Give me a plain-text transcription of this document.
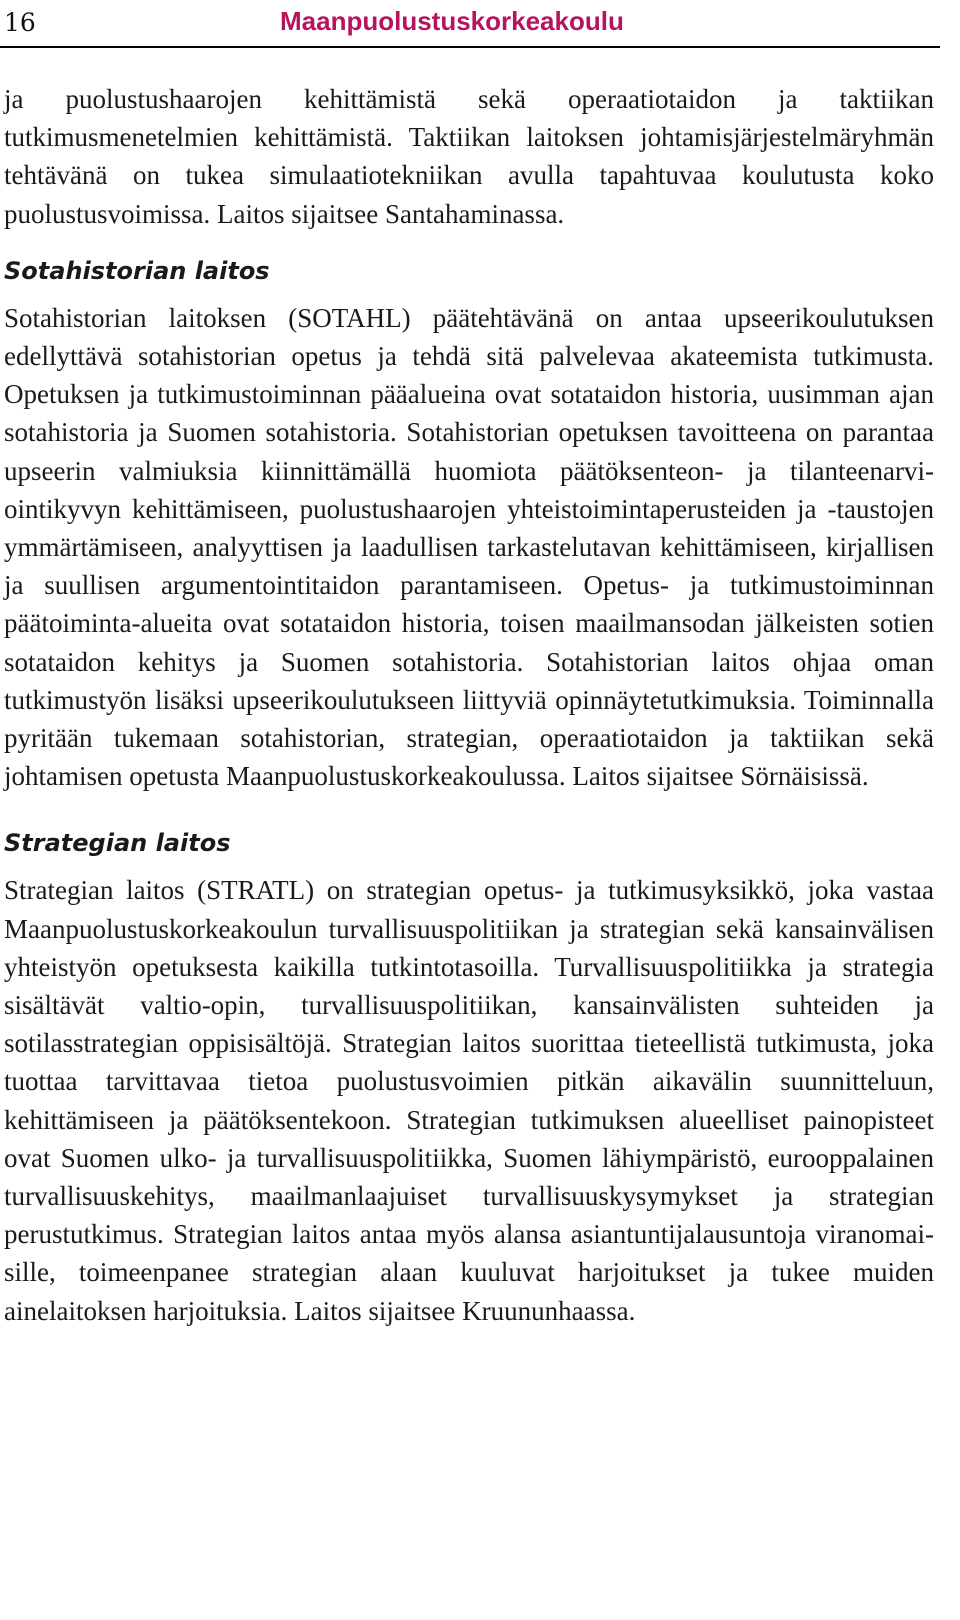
16	Maanpuolustuskorkeakoulu

ja puolustushaarojen kehittämistä sekä operaatiotaidon ja taktiikan tutkimusmenetelmien kehittämistä. Taktiikan laitoksen johtamisjärjestelmäryhmän tehtävänä on tukea simulaatiotekniikan avulla tapahtuvaa koulutusta koko puolustusvoimissa. Laitos sijaitsee Santahaminassa.

Sotahistorian laitos

Sotahistorian laitoksen (SOTAHL) päätehtävänä on antaa upseerikoulutuksen edellyttävä sotahistorian opetus ja tehdä sitä palvelevaa akateemista tutkimusta. Opetuksen ja tutkimustoiminnan pääalueina ovat sotataidon historia, uusimman ajan sotahistoria ja Suomen sotahistoria. Sotahistorian opetuksen tavoitteena on parantaa upseerin valmiuksia kiinnittämällä huomiota päätöksenteon- ja tilanteenarviointikyvyn kehittämiseen, puolustushaarojen yhteistoimintaperusteiden ja -taustojen ymmärtämiseen, analyyttisen ja laadullisen tarkastelutavan kehittämiseen, kirjallisen ja suullisen argumentointitaidon parantamiseen. Opetus- ja tutkimustoiminnan päätoiminta-alueita ovat sotataidon historia, toisen maailmansodan jälkeisten sotien sotataidon kehitys ja Suomen sotahistoria. Sotahistorian laitos ohjaa oman tutkimustyön lisäksi upseerikoulutukseen liittyviä opinnäytetutkimuksia. Toiminnalla pyritään tukemaan sotahistorian, strategian, operaatiotaidon ja taktiikan sekä johtamisen opetusta Maanpuolustuskorkeakoulussa. Laitos sijaitsee Sörnäisissä.

Strategian laitos

Strategian laitos (STRATL) on strategian opetus- ja tutkimusyksikkö, joka vastaa Maanpuolustuskorkeakoulun turvallisuuspolitiikan ja strategian sekä kansainvälisen yhteistyön opetuksesta kaikilla tutkintotasoilla. Turvallisuuspolitiikka ja strategia sisältävät valtio-opin, turvallisuuspolitiikan, kansainvälisten suhteiden ja sotilasstrategian oppisisältöjä. Strategian laitos suorittaa tieteellistä tutkimusta, joka tuottaa tarvittavaa tietoa puolustusvoimien pitkän aikavälin suunnitteluun, kehittämiseen ja päätöksentekoon. Strategian tutkimuksen alueelliset painopisteet ovat Suomen ulko- ja turvallisuuspolitiikka, Suomen lähiympäristö, eurooppalainen turvallisuuskehitys, maailmanlaajuiset turvallisuuskysymykset ja strategian perustutkimus. Strategian laitos antaa myös alansa asiantuntijalausuntoja viranomaisille, toimeenpanee strategian alaan kuuluvat harjoitukset ja tukee muiden ainelaitoksen harjoituksia. Laitos sijaitsee Kruununhaassa.
